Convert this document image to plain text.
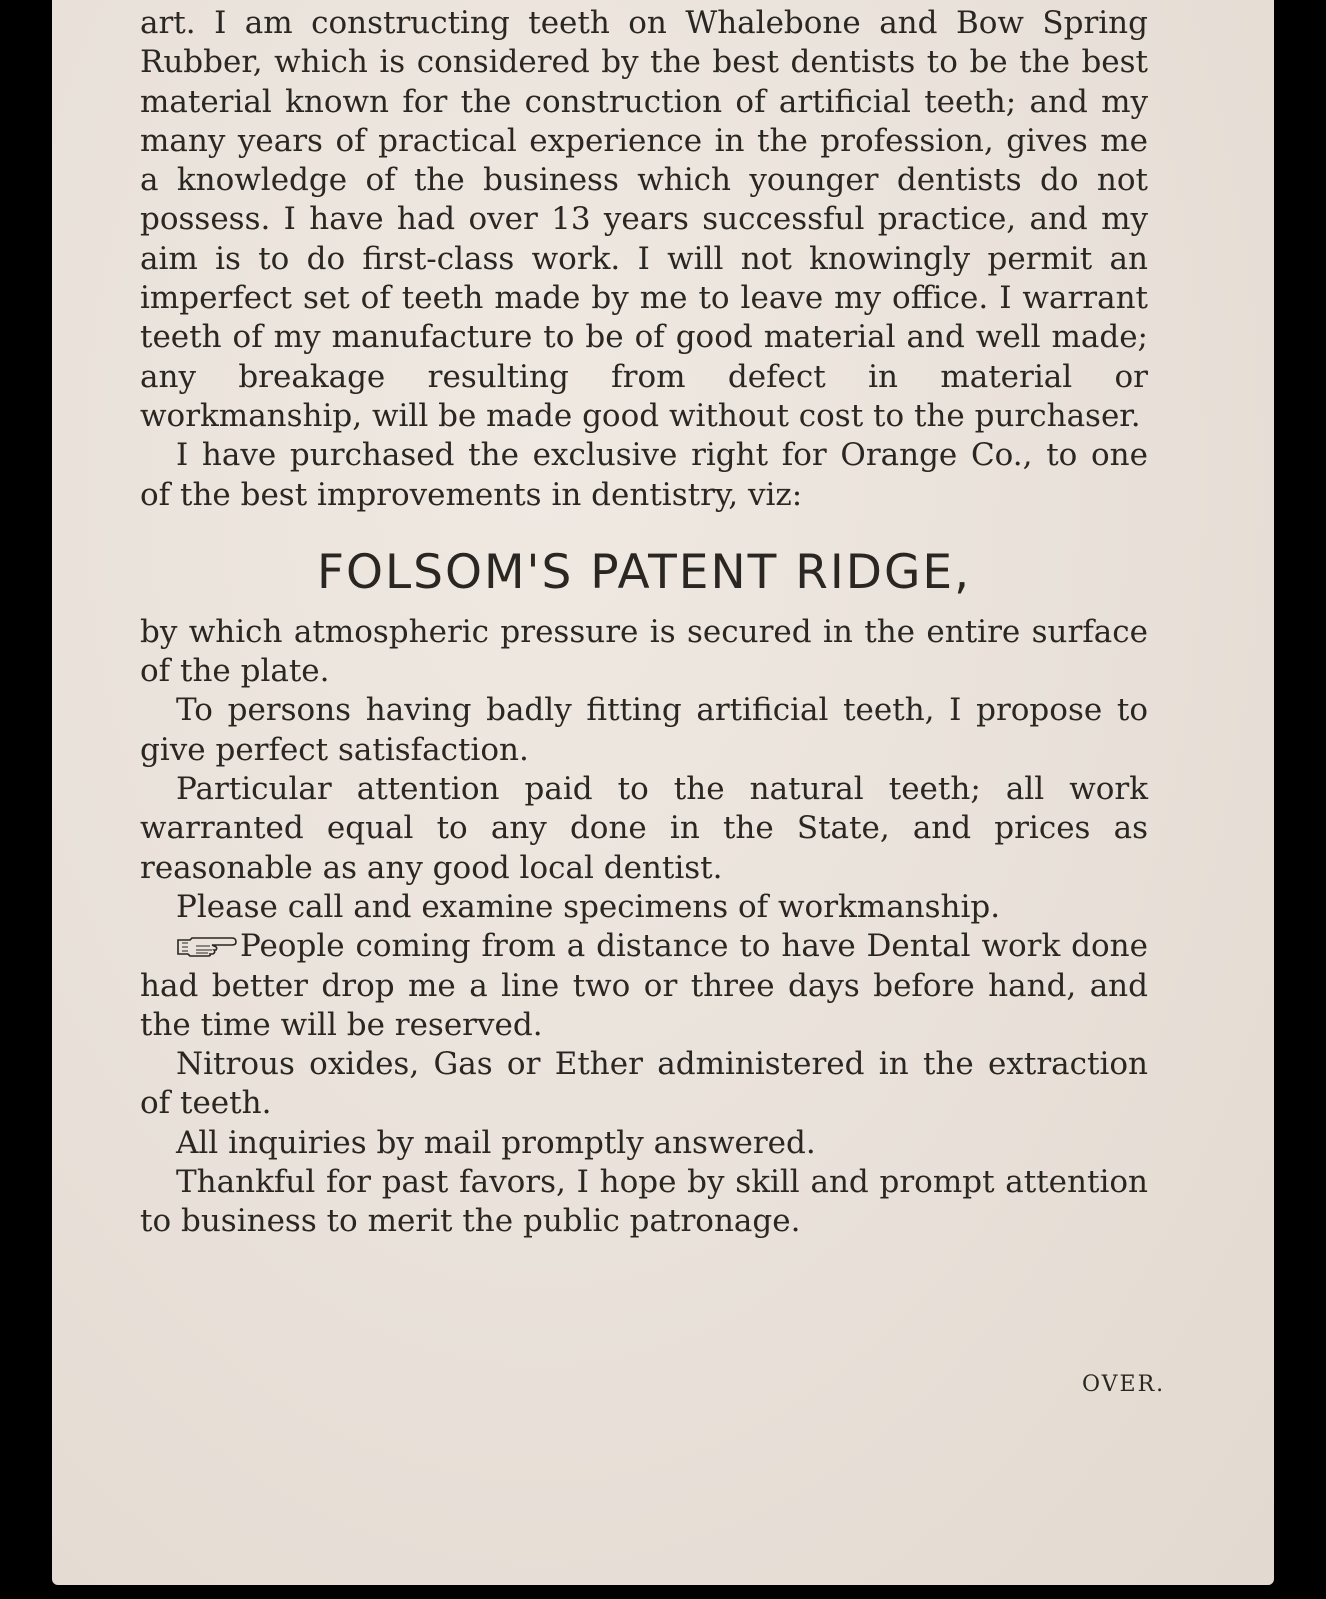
art. I am constructing teeth on Whalebone and Bow Spring Rubber, which is considered by the best dentists to be the best material known for the construction of artificial teeth; and my many years of practical experience in the profession, gives me a knowledge of the business which younger dentists do not possess. I have had over 13 years successful practice, and my aim is to do first-class work. I will not knowingly permit an imperfect set of teeth made by me to leave my office. I warrant teeth of my manufacture to be of good material and well made; any breakage resulting from defect in material or workmanship, will be made good without cost to the purchaser.

I have purchased the exclusive right for Orange Co., to one of the best improvements in dentistry, viz:

FOLSOM'S PATENT RIDGE,

by which atmospheric pressure is secured in the entire surface of the plate.

To persons having badly fitting artificial teeth, I propose to give perfect satisfaction.

Particular attention paid to the natural teeth; all work warranted equal to any done in the State, and prices as reasonable as any good local dentist.

Please call and examine specimens of workmanship.

People coming from a distance to have Dental work done had better drop me a line two or three days before hand, and the time will be reserved.

Nitrous oxides, Gas or Ether administered in the extraction of teeth.

All inquiries by mail promptly answered.

Thankful for past favors, I hope by skill and prompt attention to business to merit the public patronage.

OVER.
